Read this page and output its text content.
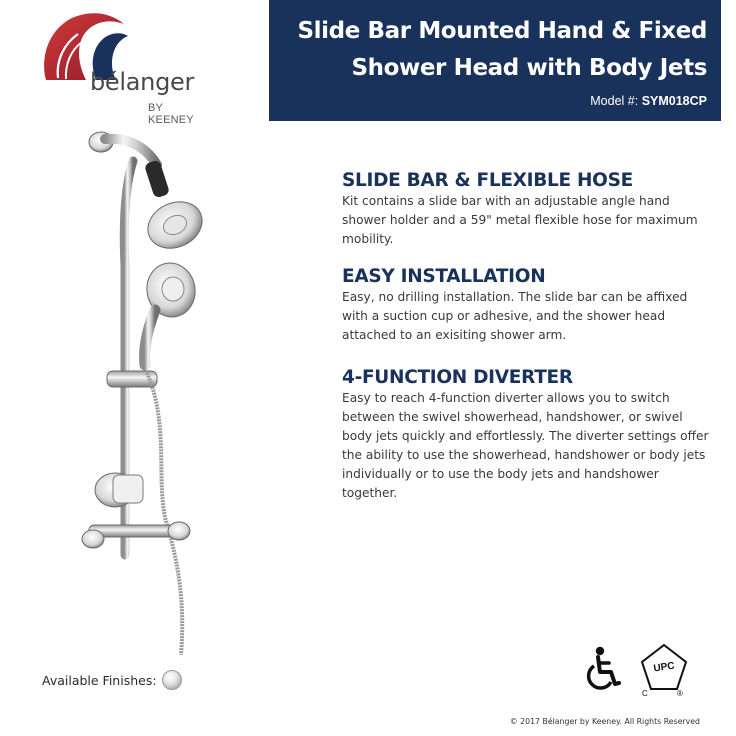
bélanger
BY KEENEY
Slide Bar Mounted Hand & Fixed
Shower Head with Body Jets
Model #: SYM018CP
SLIDE BAR & FLEXIBLE HOSE

Kit contains a slide bar with an adjustable angle hand shower holder and a 59" metal flexible hose for maximum mobility.

EASY INSTALLATION

Easy, no drilling installation. The slide bar can be affixed with a suction cup or adhesive, and the shower head attached to an exisiting shower arm.

4-FUNCTION DIVERTER

Easy to reach 4-function diverter allows you to switch between the swivel showerhead, handshower, or swivel body jets quickly and effortlessly. The diverter settings offer the ability to use the showerhead, handshower or body jets individually or to use the body jets and handshower together.

Available Finishes:
UPC
C	®
© 2017 Bélanger by Keeney. All Rights Reserved
